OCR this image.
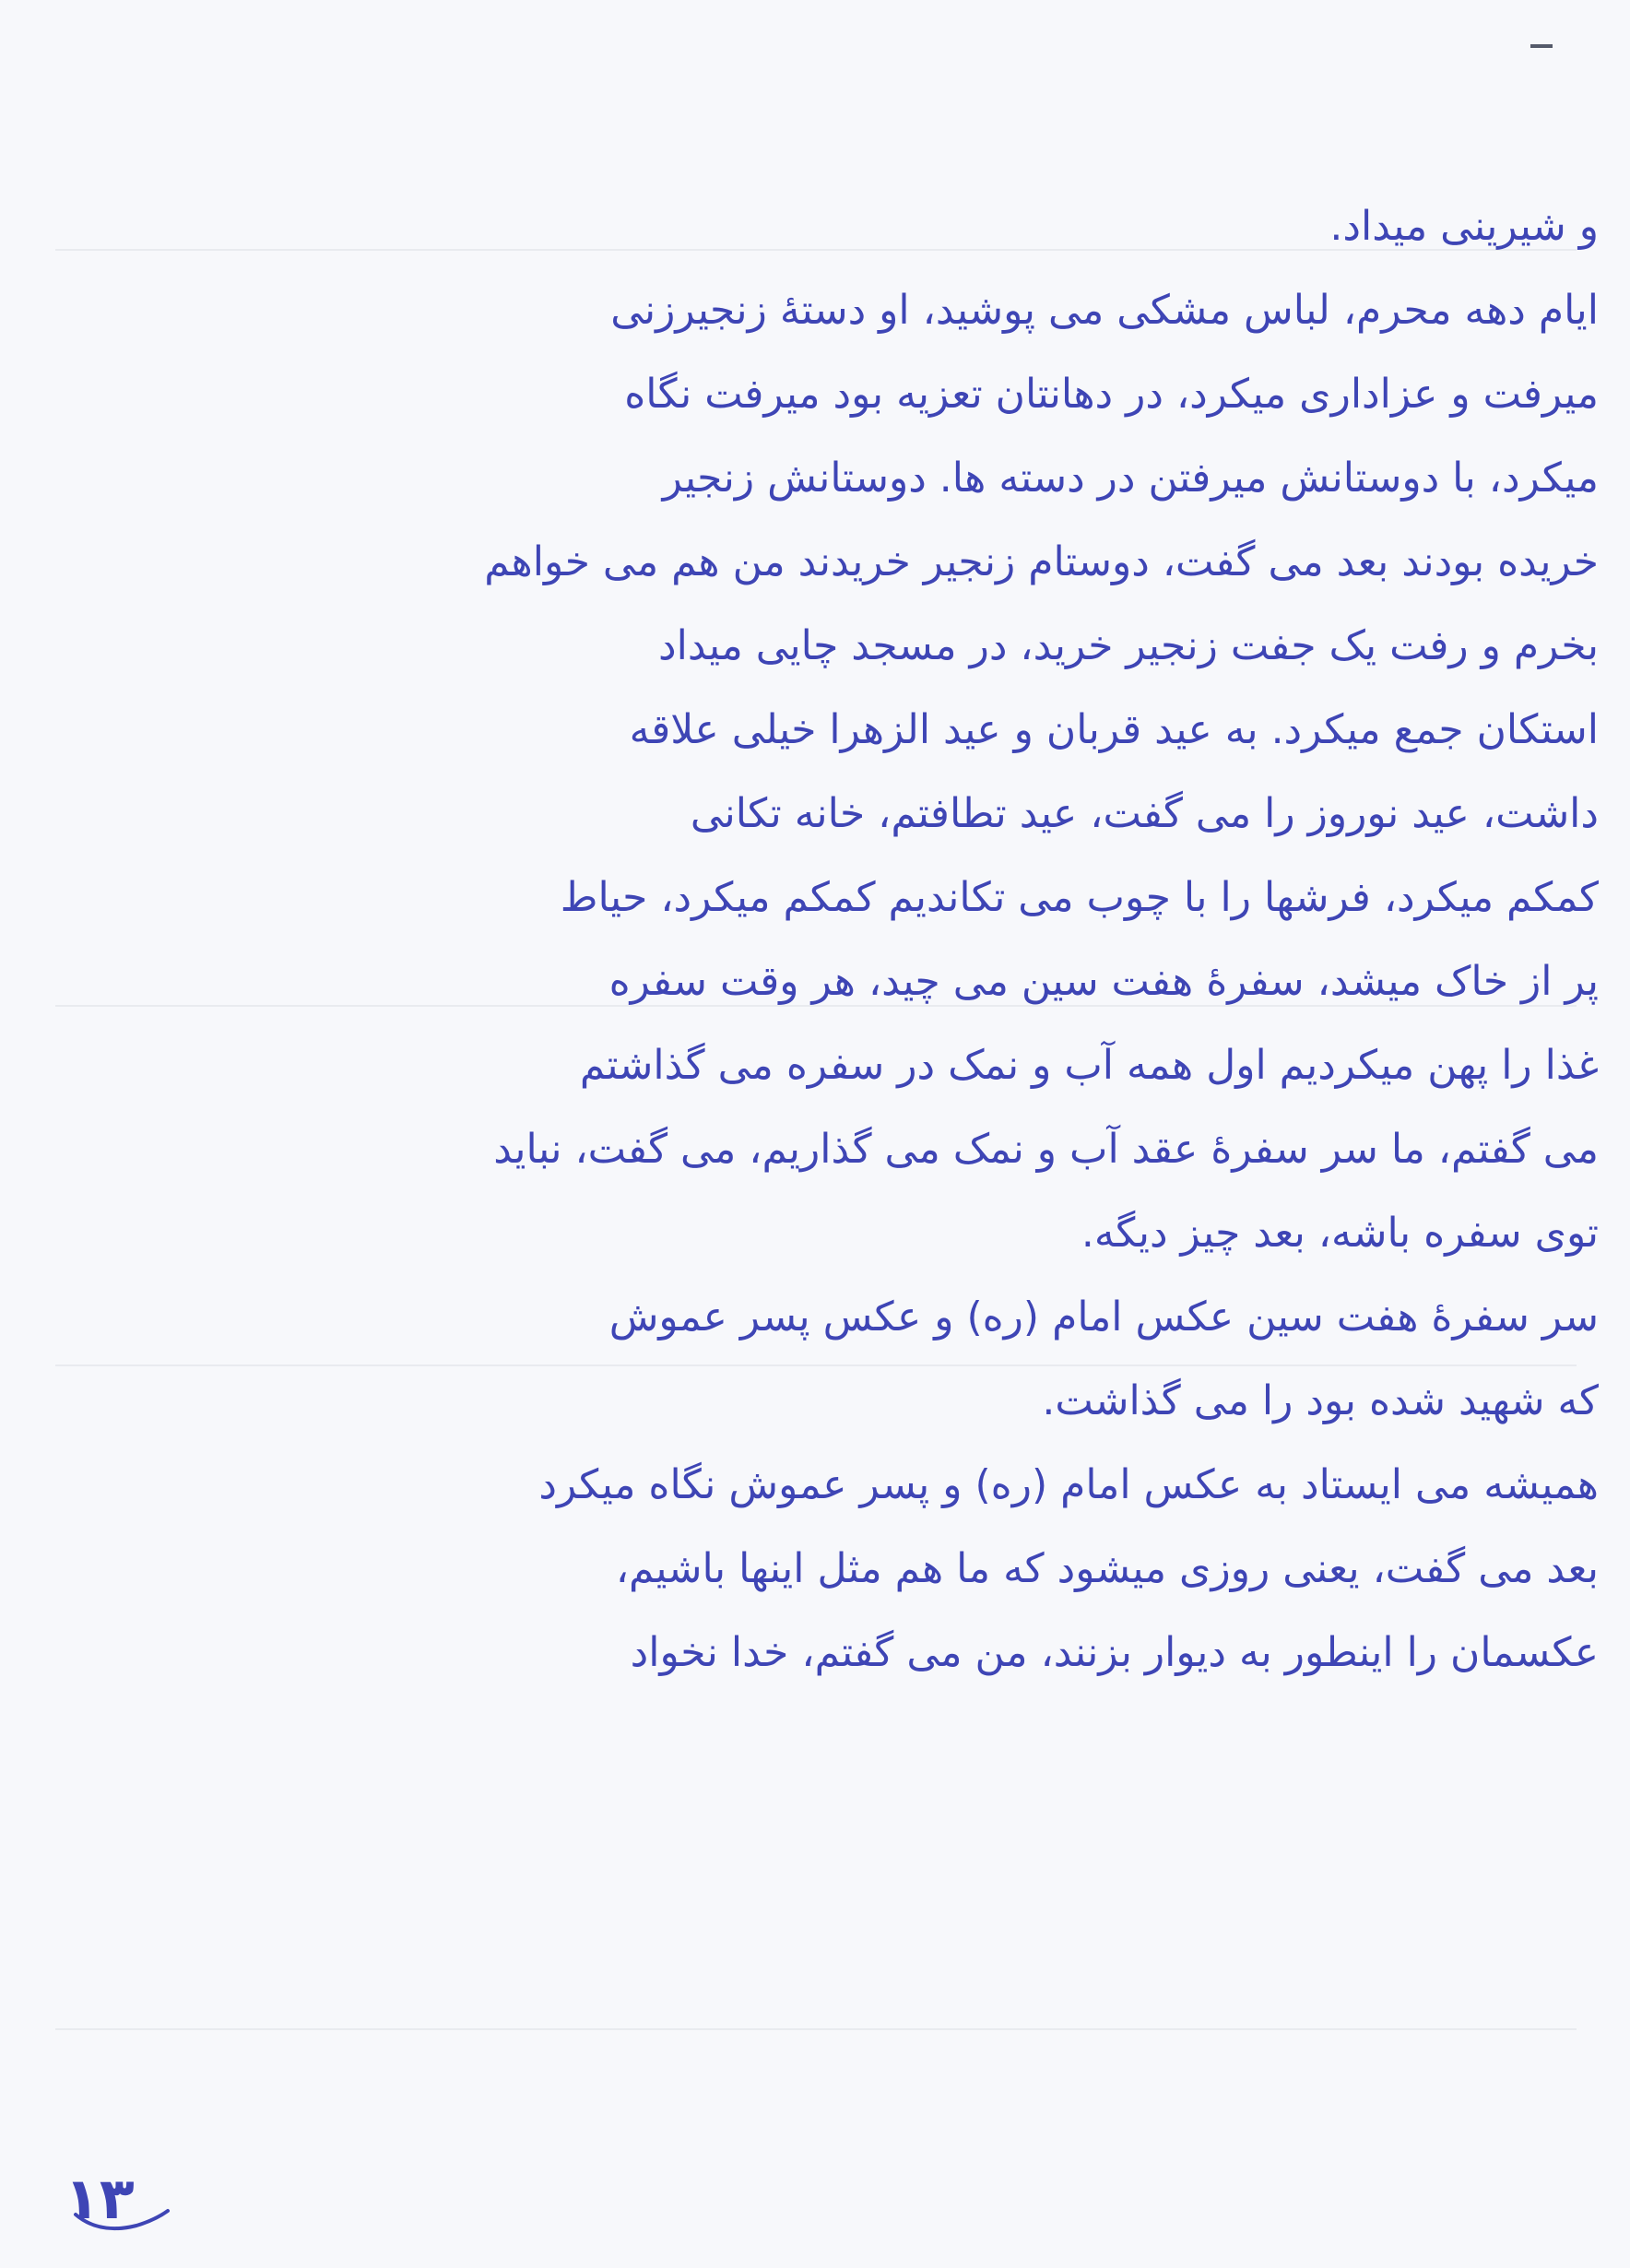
و شیرینی میداد.
ایام دهه محرم، لباس مشکی می پوشید، او دستهٔ زنجیرزنی
میرفت و عزاداری میکرد، در دهانتان تعزیه بود میرفت نگاه
میکرد، با دوستانش میرفتن در دسته ها. دوستانش زنجیر
خریده بودند بعد می گفت، دوستام زنجیر خریدند من هم می خواهم
بخرم و رفت یک جفت زنجیر خرید، در مسجد چایی میداد
استکان جمع میکرد. به عید قربان و عید الزهرا خیلی علاقه
داشت، عید نوروز را می گفت، عید تطافتم، خانه تکانی
کمکم میکرد، فرشها را با چوب می تکاندیم کمکم میکرد، حیاط
پر از خاک میشد، سفرهٔ هفت سین می چید، هر وقت سفره
غذا را پهن میکردیم اول همه آب و نمک در سفره می گذاشتم
می گفتم، ما سر سفرهٔ عقد آب و نمک می گذاریم، می گفت، نباید
توی سفره باشه، بعد چیز دیگه.
سر سفرهٔ هفت سین عکس امام (ره) و عکس پسر عموش
که شهید شده بود را می گذاشت.
همیشه می ایستاد به عکس امام (ره) و پسر عموش نگاه میکرد
بعد می گفت، یعنی روزی میشود که ما هم مثل اینها باشیم،
عکسمان را اینطور به دیوار بزنند، من می گفتم، خدا نخواد
۱۳
